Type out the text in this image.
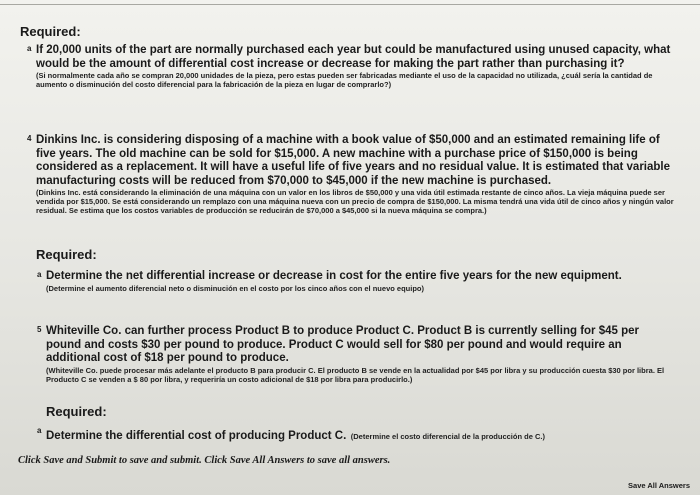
Required:
a If 20,000 units of the part are normally purchased each year but could be manufactured using unused capacity, what would be the amount of differential cost increase or decrease for making the part rather than purchasing it?
(Si normalmente cada año se compran 20,000 unidades de la pieza, pero estas pueden ser fabricadas mediante el uso de la capacidad no utilizada, ¿cuál sería la cantidad de aumento o disminución del costo diferencial para la fabricación de la pieza en lugar de comprarlo?)
4 Dinkins Inc. is considering disposing of a machine with a book value of $50,000 and an estimated remaining life of five years. The old machine can be sold for $15,000. A new machine with a purchase price of $150,000 is being considered as a replacement. It will have a useful life of five years and no residual value. It is estimated that variable manufacturing costs will be reduced from $70,000 to $45,000 if the new machine is purchased.
(Dinkins Inc. está considerando la eliminación de una máquina con un valor en los libros de $50,000 y una vida útil estimada restante de cinco años. La vieja máquina puede ser vendida por $15,000. Se está considerando un remplazo con una máquina nueva con un precio de compra de $150,000. La misma tendrá una vida útil de cinco años y ningún valor residual. Se estima que los costos variables de producción se reducirán de $70,000 a $45,000 si la nueva máquina se compra.)
Required:
a Determine the net differential increase or decrease in cost for the entire five years for the new equipment.
(Determine el aumento diferencial neto o disminución en el costo por los cinco años con el nuevo equipo)
5 Whiteville Co. can further process Product B to produce Product C. Product B is currently selling for $45 per pound and costs $30 per pound to produce. Product C would sell for $80 per pound and would require an additional cost of $18 per pound to produce.
(Whiteville Co. puede procesar más adelante el producto B para producir C. El producto B se vende en la actualidad por $45 por libra y su producción cuesta $30 por libra. El Producto C se venden a $ 80 por libra, y requeriría un costo adicional de $18 por libra para producirlo.)
Required:
a Determine the differential cost of producing Product C. (Determine el costo diferencial de la producción de C.)
Click Save and Submit to save and submit. Click Save All Answers to save all answers.
Save All Answers
